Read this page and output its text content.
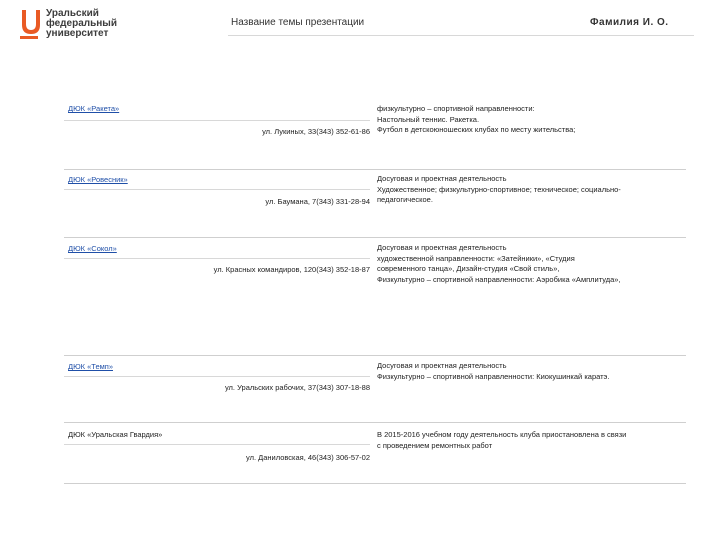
Уральский
федеральный
университет
Название темы презентации	Фамилия И. О.
ДЮК «Ракета»
ул. Лукиных, 33(343) 352-61-86
физкультурно – спортивной направленности:
Настольный теннис. Ракетка.
Футбол в детскоюношеских клубах по месту жительства;
ДЮК «Ровесник»
ул. Баумана, 7(343) 331-28-94
Досуговая и проектная деятельность
Художественное; физкультурно-спортивное; техническое; социально-
педагогическое.
ДЮК «Сокол»
ул. Красных командиров, 120(343) 352-18-87
Досуговая и проектная деятельность
художественной направленности: «Затейники», «Студия
современного танца», Дизайн-студия «Свой стиль»,
Физкультурно – спортивной направленности: Аэробика «Амплитуда»,
ДЮК «Темп»
ул. Уральских рабочих, 37(343) 307-18-88
Досуговая и проектная деятельность
Физкультурно – спортивной направленности: Киокушинкай каратэ.
ДЮК «Уральская Гвардия»
ул. Даниловская, 46(343) 306-57-02
В 2015-2016 учебном году деятельность клуба приостановлена в связи
с проведением ремонтных работ
